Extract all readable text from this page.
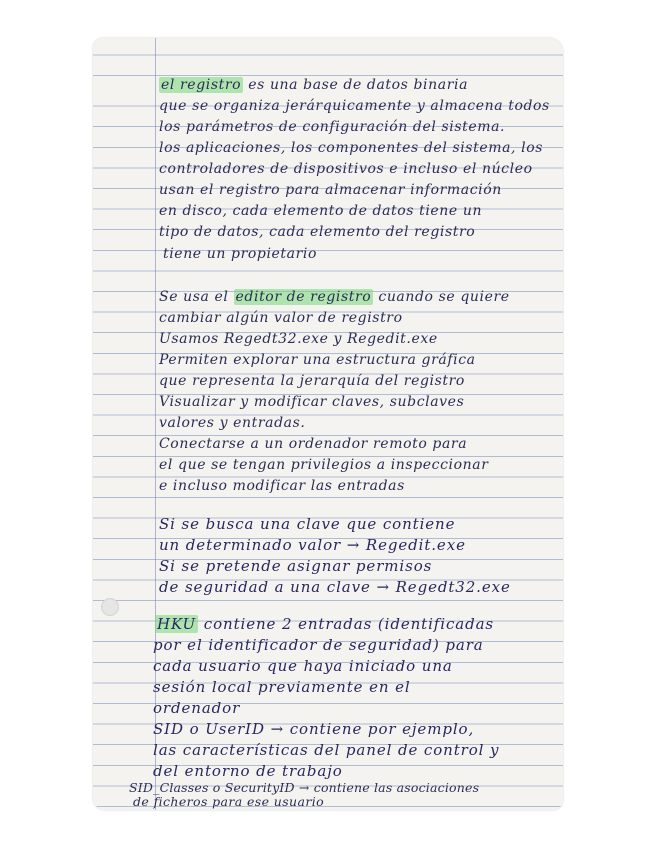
el registro es una base de datos binaria

que se organiza jerárquicamente y almacena todos

los parámetros de configuración del sistema.

los aplicaciones, los componentes del sistema, los

controladores de dispositivos e incluso el núcleo

usan el registro para almacenar información

en disco, cada elemento de datos tiene un

tipo de datos, cada elemento del registro

tiene un propietario

Se usa el editor de registro cuando se quiere

cambiar algún valor de registro

Usamos Regedt32.exe y Regedit.exe

Permiten explorar una estructura gráfica

que representa la jerarquía del registro

Visualizar y modificar claves, subclaves

valores y entradas.

Conectarse a un ordenador remoto para

el que se tengan privilegios a inspeccionar

e incluso modificar las entradas

Si se busca una clave que contiene

un determinado valor → Regedit.exe

Si se pretende asignar permisos

de seguridad a una clave → Regedt32.exe

HKU contiene 2 entradas (identificadas

por el identificador de seguridad) para

cada usuario que haya iniciado una

sesión local previamente en el

ordenador

SID o UserID → contiene por ejemplo,

las características del panel de control y

del entorno de trabajo

SID_Classes o SecurityID → contiene las asociaciones

de ficheros para ese usuario
